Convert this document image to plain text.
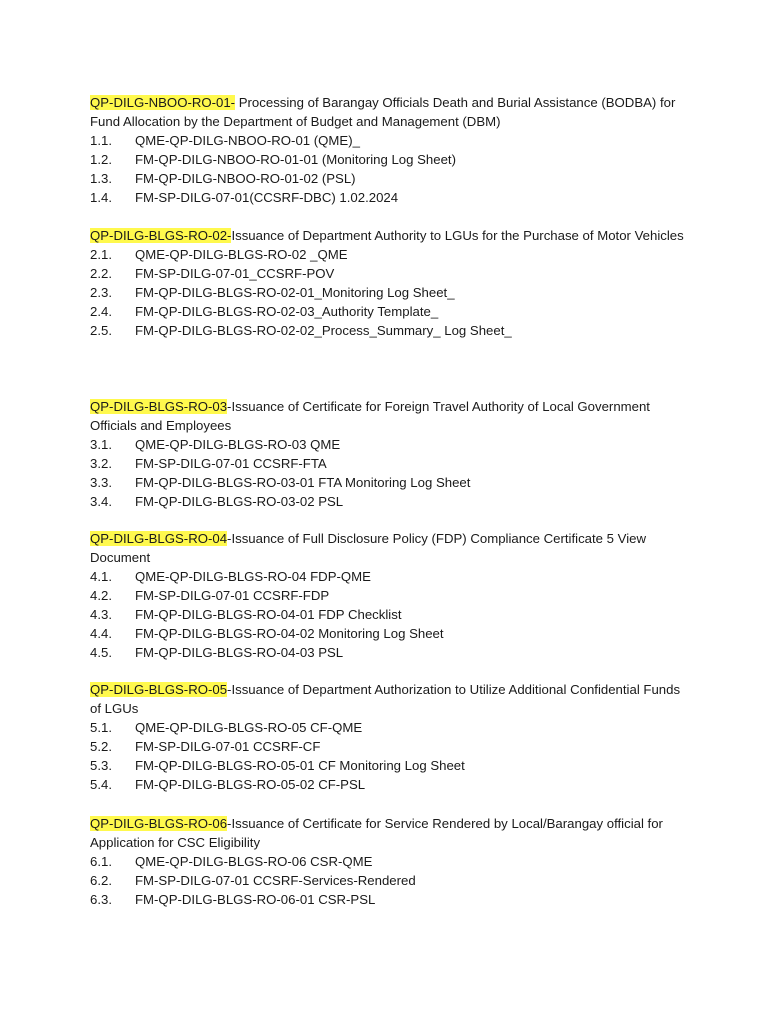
QP-DILG-NBOO-RO-01- Processing of Barangay Officials Death and Burial Assistance (BODBA) for Fund Allocation by the Department of Budget and Management (DBM)

1.1.	QME-QP-DILG-NBOO-RO-01 (QME)_
1.2.	FM-QP-DILG-NBOO-RO-01-01 (Monitoring Log Sheet)
1.3.	FM-QP-DILG-NBOO-RO-01-02 (PSL)
1.4.	FM-SP-DILG-07-01(CCSRF-DBC) 1.02.2024

QP-DILG-BLGS-RO-02-Issuance of Department Authority to LGUs for the Purchase of Motor Vehicles

2.1.	QME-QP-DILG-BLGS-RO-02 _QME
2.2.	FM-SP-DILG-07-01_CCSRF-POV
2.3.	FM-QP-DILG-BLGS-RO-02-01_Monitoring Log Sheet_
2.4.	FM-QP-DILG-BLGS-RO-02-03_Authority Template_
2.5.	FM-QP-DILG-BLGS-RO-02-02_Process_Summary_ Log Sheet_

QP-DILG-BLGS-RO-03-Issuance of Certificate for Foreign Travel Authority of Local Government Officials and Employees

3.1.	QME-QP-DILG-BLGS-RO-03 QME
3.2.	FM-SP-DILG-07-01 CCSRF-FTA
3.3.	FM-QP-DILG-BLGS-RO-03-01 FTA Monitoring Log Sheet
3.4.	FM-QP-DILG-BLGS-RO-03-02 PSL

QP-DILG-BLGS-RO-04-Issuance of Full Disclosure Policy (FDP) Compliance Certificate 5 View Document

4.1.	QME-QP-DILG-BLGS-RO-04 FDP-QME
4.2.	FM-SP-DILG-07-01 CCSRF-FDP
4.3.	FM-QP-DILG-BLGS-RO-04-01 FDP Checklist
4.4.	FM-QP-DILG-BLGS-RO-04-02 Monitoring Log Sheet
4.5.	FM-QP-DILG-BLGS-RO-04-03 PSL

QP-DILG-BLGS-RO-05-Issuance of Department Authorization to Utilize Additional Confidential Funds of LGUs

5.1.	QME-QP-DILG-BLGS-RO-05 CF-QME
5.2.	FM-SP-DILG-07-01 CCSRF-CF
5.3.	FM-QP-DILG-BLGS-RO-05-01 CF Monitoring Log Sheet
5.4.	FM-QP-DILG-BLGS-RO-05-02 CF-PSL

QP-DILG-BLGS-RO-06-Issuance of Certificate for Service Rendered by Local/Barangay official for Application for CSC Eligibility

6.1.	QME-QP-DILG-BLGS-RO-06 CSR-QME
6.2.	FM-SP-DILG-07-01 CCSRF-Services-Rendered
6.3.	FM-QP-DILG-BLGS-RO-06-01 CSR-PSL
